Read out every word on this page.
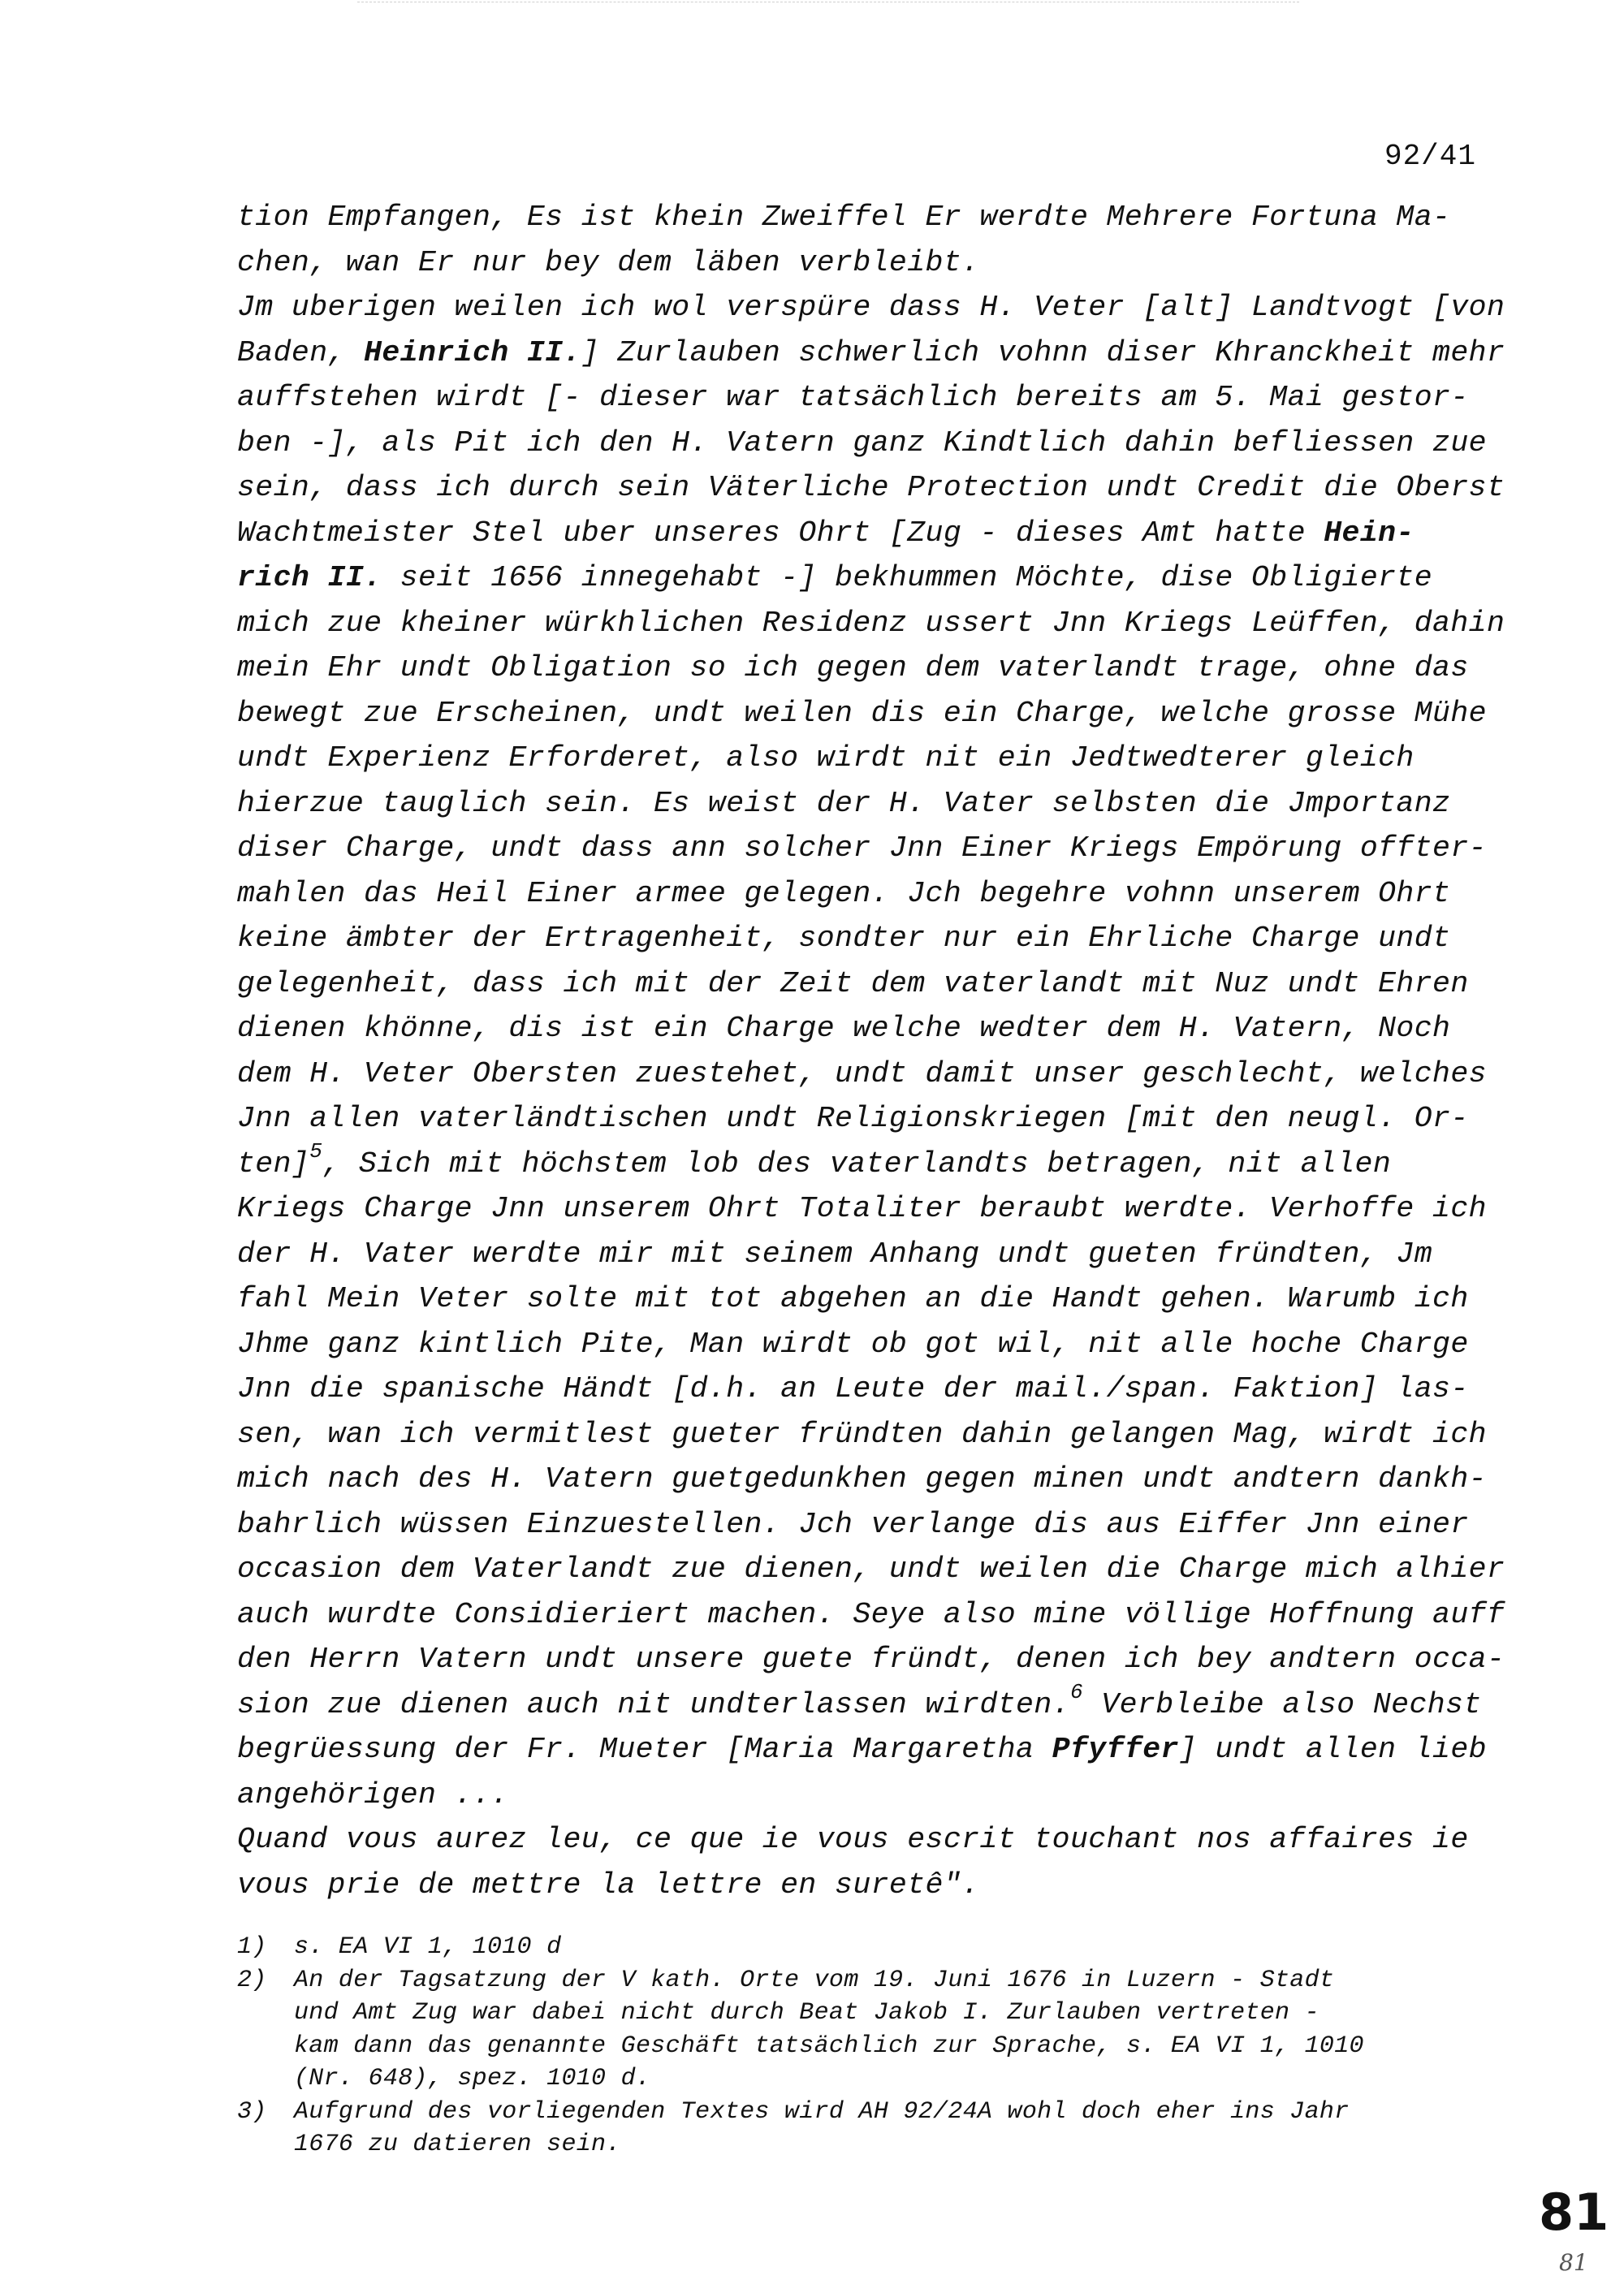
92/41
tion Empfangen, Es ist khein Zweiffel Er werdte Mehrere Fortuna Ma-
chen, wan Er nur bey dem läben verbleibt.
Jm uberigen weilen ich wol verspüre dass H. Veter [alt] Landtvogt [von
Baden, Heinrich II.] Zurlauben schwerlich vohnn diser Khranckheit mehr
auffstehen wirdt [- dieser war tatsächlich bereits am 5. Mai gestor-
ben -], als Pit ich den H. Vatern ganz Kindtlich dahin befliessen zue
sein, dass ich durch sein Väterliche Protection undt Credit die Oberst
Wachtmeister Stel uber unseres Ohrt [Zug - dieses Amt hatte Hein-
rich II. seit 1656 innegehabt -] bekhummen Möchte, dise Obligierte
mich zue kheiner würkhlichen Residenz ussert Jnn Kriegs Leüffen, dahin
mein Ehr undt Obligation so ich gegen dem vaterlandt trage, ohne das
bewegt zue Erscheinen, undt weilen dis ein Charge, welche grosse Mühe
undt Experienz Erforderet, also wirdt nit ein Jedtwedterer gleich
hierzue tauglich sein. Es weist der H. Vater selbsten die Jmportanz
diser Charge, undt dass ann solcher Jnn Einer Kriegs Empörung offter-
mahlen das Heil Einer armee gelegen. Jch begehre vohnn unserem Ohrt
keine ämbter der Ertragenheit, sondter nur ein Ehrliche Charge undt
gelegenheit, dass ich mit der Zeit dem vaterlandt mit Nuz undt Ehren
dienen khönne, dis ist ein Charge welche wedter dem H. Vatern, Noch
dem H. Veter Obersten zuestehet, undt damit unser geschlecht, welches
Jnn allen vaterländtischen undt Religionskriegen [mit den neugl. Or-
ten]$^5$, Sich mit höchstem lob des vaterlandts betragen, nit allen
Kriegs Charge Jnn unserem Ohrt Totaliter beraubt werdte. Verhoffe ich
der H. Vater werdte mir mit seinem Anhang undt gueten fründten, Jm
fahl Mein Veter solte mit tot abgehen an die Handt gehen. Warumb ich
Jhme ganz kintlich Pite, Man wirdt ob got wil, nit alle hoche Charge
Jnn die spanische Händt [d.h. an Leute der mail./span. Faktion] las-
sen, wan ich vermitlest gueter fründten dahin gelangen Mag, wirdt ich
mich nach des H. Vatern guetgedunkhen gegen minen undt andtern dankh-
bahrlich wüssen Einzuestellen. Jch verlange dis aus Eiffer Jnn einer
occasion dem Vaterlandt zue dienen, undt weilen die Charge mich alhier
auch wurdte Considieriert machen. Seye also mine völlige Hoffnung auff
den Herrn Vatern undt unsere guete fründt, denen ich bey andtern occa-
sion zue dienen auch nit undterlassen wirdten.$^6$ Verbleibe also Nechst
begrüessung der Fr. Mueter [Maria Margaretha Pfyffer] undt allen lieb
angehörigen ...
Quand vous aurez leu, ce que ie vous escrit touchant nos affaires ie
vous prie de mettre la lettre en suretê".
1)	s. EA VI 1, 1010 d
2)	An der Tagsatzung der V kath. Orte vom 19. Juni 1676 in Luzern - Stadt
und Amt Zug war dabei nicht durch Beat Jakob I. Zurlauben vertreten -
kam dann das genannte Geschäft tatsächlich zur Sprache, s. EA VI 1, 1010
(Nr. 648), spez. 1010 d.
3)	Aufgrund des vorliegenden Textes wird AH 92/24A wohl doch eher ins Jahr
1676 zu datieren sein.
81
81
